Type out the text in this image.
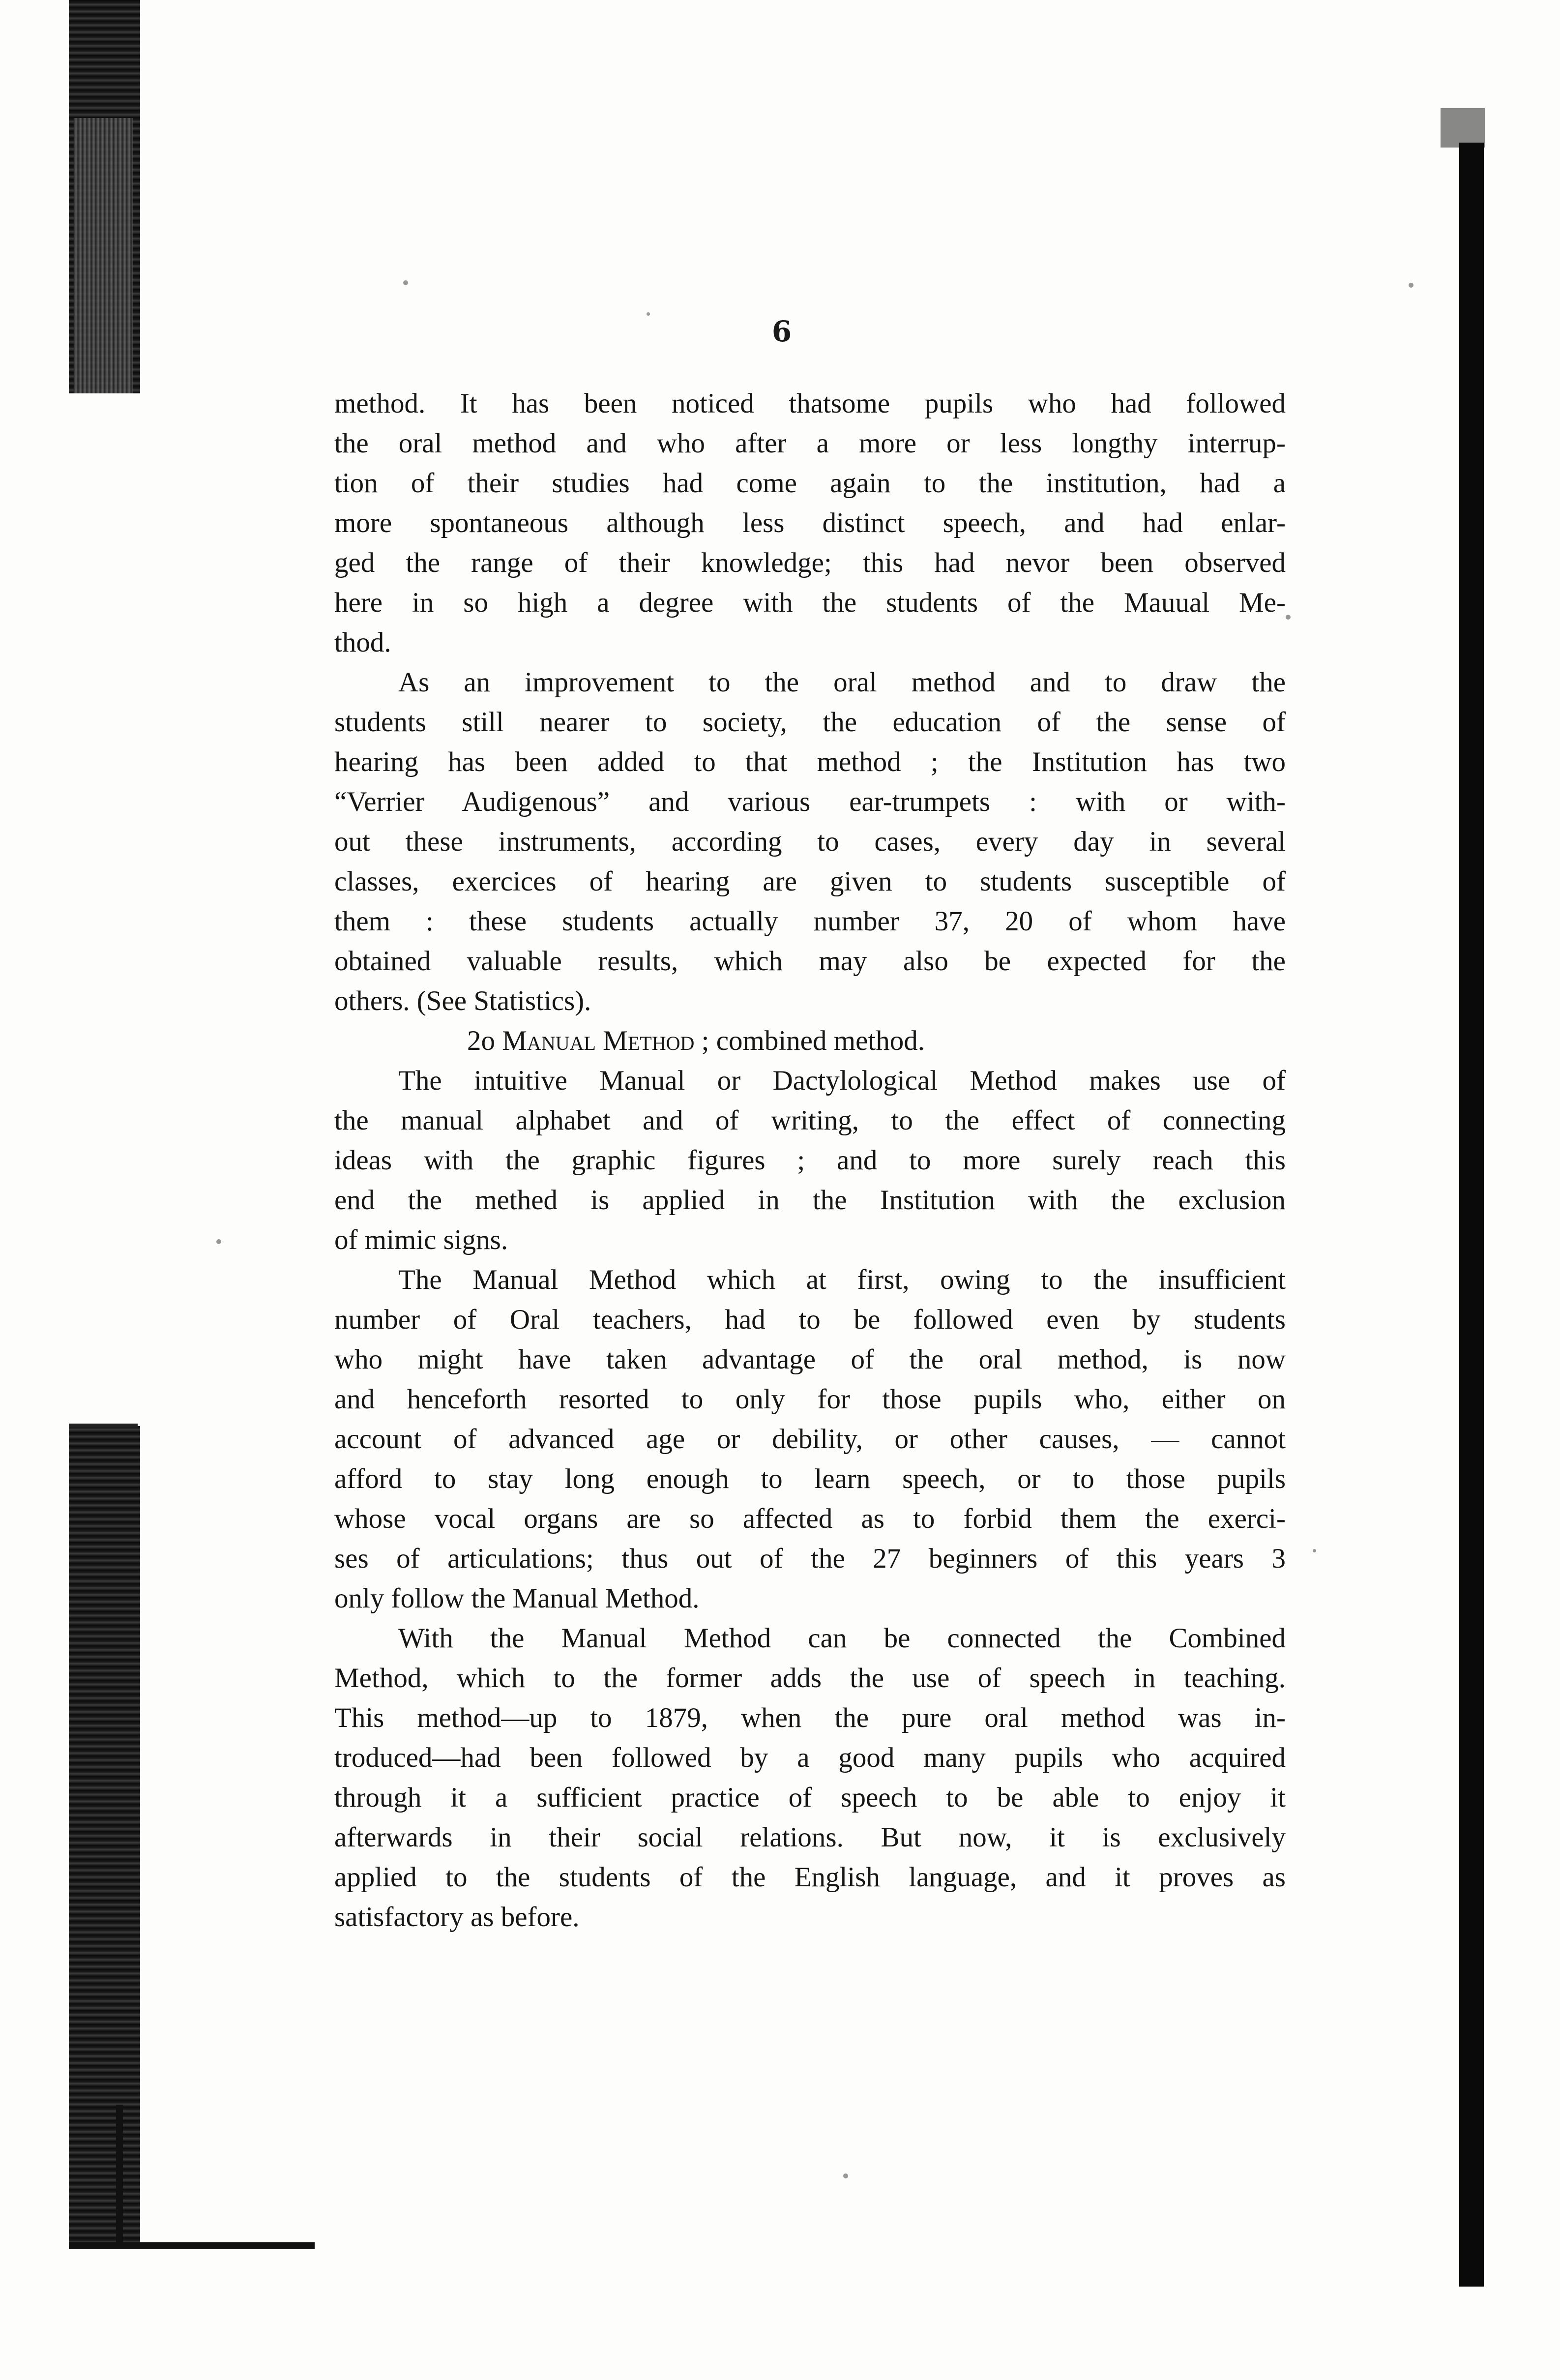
6
method. It has been noticed thatsome pupils who had followed
the oral method and who after a more or less longthy interrup-
tion of their studies had come again to the institution, had a
more spontaneous although less distinct speech, and had enlar-
ged the range of their knowledge; this had nevor been observed
here in so high a degree with the students of the Mauual Me-
thod.
As an improvement to the oral method and to draw the
students still nearer to society, the education of the sense of
hearing has been added to that method ; the Institution has two
“Verrier Audigenous” and various ear-trumpets : with or with-
out these instruments, according to cases, every day in several
classes, exercices of hearing are given to students susceptible of
them : these students actually number 37, 20 of whom have
obtained valuable results, which may also be expected for the
others. (See Statistics).
2o Manual Method ; combined method.
The intuitive Manual or Dactylological Method makes use of
the manual alphabet and of writing, to the effect of connecting
ideas with the graphic figures ; and to more surely reach this
end the methed is applied in the Institution with the exclusion
of mimic signs.
The Manual Method which at first, owing to the insufficient
number of Oral teachers, had to be followed even by students
who might have taken advantage of the oral method, is now
and henceforth resorted to only for those pupils who, either on
account of advanced age or debility, or other causes, — cannot
afford to stay long enough to learn speech, or to those pupils
whose vocal organs are so affected as to forbid them the exerci-
ses of articulations; thus out of the 27 beginners of this years 3
only follow the Manual Method.
With the Manual Method can be connected the Combined
Method, which to the former adds the use of speech in teaching.
This method—up to 1879, when the pure oral method was in-
troduced—had been followed by a good many pupils who acquired
through it a sufficient practice of speech to be able to enjoy it
afterwards in their social relations. But now, it is exclusively
applied to the students of the English language, and it proves as
satisfactory as before.
